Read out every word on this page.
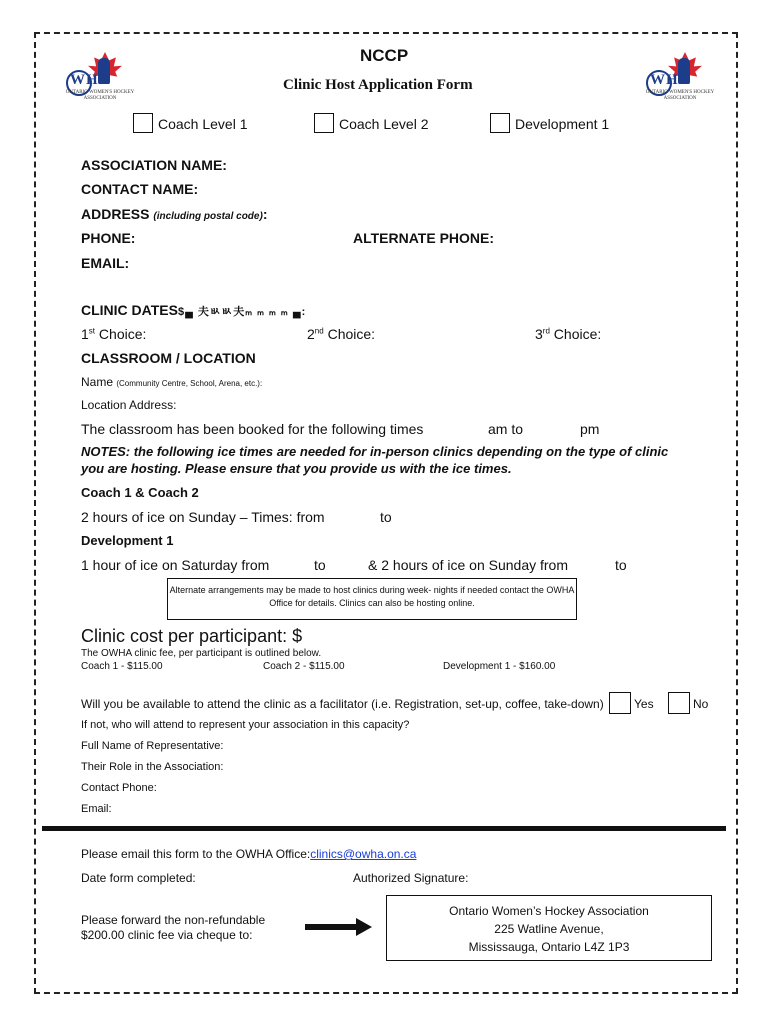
WHA
ONTARIO WOMEN'S HOCKEY ASSOCIATION
WHA
ONTARIO WOMEN'S HOCKEY ASSOCIATION
NCCP
Clinic Host Application Form
Coach Level 1	Coach Level 2	Development 1
ASSOCIATION NAME:
CONTACT NAME:
ADDRESS (including postal code):
PHONE:	ALTERNATE PHONE:
EMAIL:
CLINIC DATES$▄ 夫ㅄㅄ夫ₘ ₘ ₘ ₘ ▄:
1st Choice:	2nd Choice:	3rd Choice:
CLASSROOM / LOCATION
Name (Community Centre, School, Arena, etc.):
Location Address:
The classroom has been booked for the following times	am to	pm
NOTES: the following ice times are needed for in-person clinics depending on the type of clinic you are hosting. Please ensure that you provide us with the ice times.
Coach 1 & Coach 2
2 hours of ice on Sunday – Times: from	to
Development 1
1 hour of ice on Saturday from	to	& 2 hours of ice on Sunday from	to
Alternate arrangements may be made to host clinics during week- nights if needed contact the OWHA Office for details. Clinics can also be hosting online.
Clinic cost per participant: $
The OWHA clinic fee, per participant is outlined below.
Coach 1 - $115.00	Coach 2 - $115.00	Development 1 - $160.00
Will you be available to attend the clinic as a facilitator (i.e. Registration, set-up, coffee, take-down)	Yes	No
If not, who will attend to represent your association in this capacity?
Full Name of Representative:
Their Role in the Association:
Contact Phone:
Email:
Please email this form to the OWHA Office:clinics@owha.on.ca
Date form completed:	Authorized Signature:
Please forward the non-refundable
$200.00 clinic fee via cheque to:
Ontario Women’s Hockey Association
225 Watline Avenue,
Mississauga, Ontario L4Z 1P3
